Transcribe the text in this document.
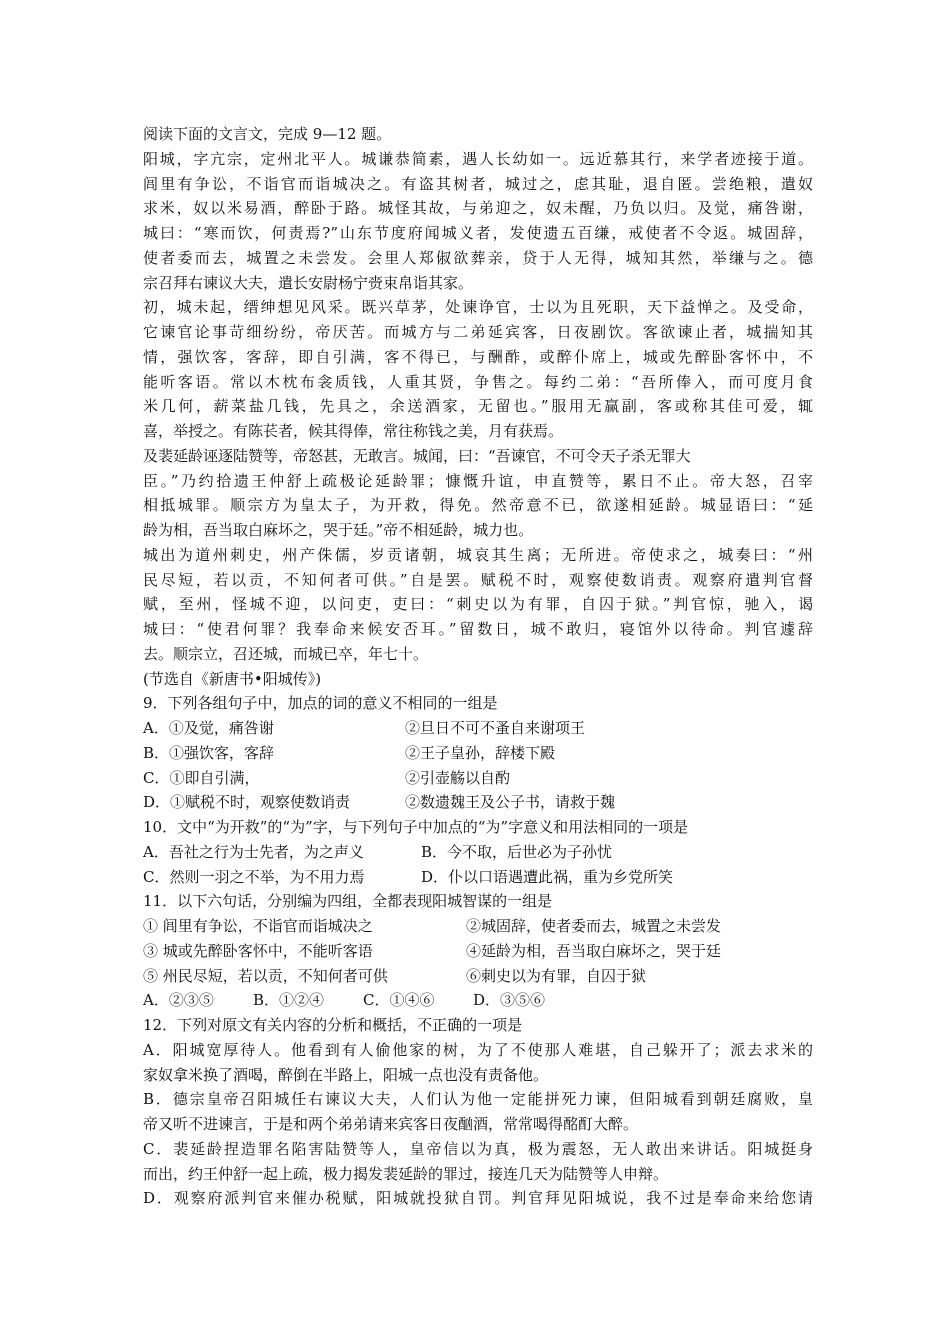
阅读下面的文言文，完成 9—12 题。
阳城，字亢宗，定州北平人。城谦恭简素，遇人长幼如一。远近慕其行，来学者迹接于道。
闾里有争讼，不诣官而诣城决之。有盗其树者，城过之，虑其耻，退自匿。尝绝粮，遣奴
求米，奴以米易酒，醉卧于路。城怪其故，与弟迎之，奴未醒，乃负以归。及觉，痛咎谢，
城曰：“寒而饮，何责焉?”山东节度府闻城义者，发使遗五百缣，戒使者不令返。城固辞，
使者委而去，城置之未尝发。会里人郑俶欲葬亲，贷于人无得，城知其然，举缣与之。德
宗召拜右谏议大夫，遣长安尉杨宁赍束帛诣其家。
初，城未起，缙绅想见风采。既兴草茅，处谏诤官，士以为且死职，天下益惮之。及受命，
它谏官论事苛细纷纷，帝厌苦。而城方与二弟延宾客，日夜剧饮。客欲谏止者，城揣知其
情，强饮客，客辞，即自引满，客不得已，与酬酢，或醉仆席上，城或先醉卧客怀中，不
能听客语。常以木枕布衾质钱，人重其贤，争售之。每约二弟：“吾所俸入，而可度月食
米几何，薪菜盐几钱，先具之，余送酒家，无留也。”服用无赢副，客或称其佳可爱，辄
喜，举授之。有陈苌者，候其得俸，常往称钱之美，月有获焉。
及裴延龄诬逐陆赞等，帝怒甚，无敢言。城闻，曰：“吾谏官，不可令天子杀无罪大
臣。”乃约拾遗王仲舒上疏极论延龄罪；慷慨升谊，申直赞等，累日不止。帝大怒，召宰
相抵城罪。顺宗方为皇太子，为开救，得免。然帝意不已，欲遂相延龄。城显语曰：“延
龄为相，吾当取白麻坏之，哭于廷。”帝不相延龄，城力也。
城出为道州刺史，州产侏儒，岁贡诸朝，城哀其生离；无所进。帝使求之，城奏曰：“州
民尽短，若以贡，不知何者可供。”自是罢。赋税不时，观察使数诮责。观察府遣判官督
赋，至州，怪城不迎，以问吏，吏曰：“刺史以为有罪，自囚于狱。”判官惊，驰入，谒
城曰：“使君何罪？我奉命来候安否耳。”留数日，城不敢归，寝馆外以待命。判官遽辞
去。顺宗立，召还城，而城已卒，年七十。
(节选自《新唐书•阳城传》)
9．下列各组句子中，加点的词的意义不相同的一组是
A．①及觉，痛咎谢	②旦日不可不蚤自来谢项王
B．①强饮客，客辞	②王子皇孙，辞楼下殿
C．①即自引满，	②引壶觞以自酌
D．①赋税不时，观察使数诮责	②数遗魏王及公子书，请救于魏
10．文中“为开救”的“为”字，与下列句子中加点的“为”字意义和用法相同的一项是
A．吾社之行为士先者，为之声义	B．今不取，后世必为子孙忧
C．然则一羽之不举，为不用力焉	D．仆以口语遇遭此祸，重为乡党所笑
11．以下六句话，分别编为四组，全都表现阳城智谋的一组是
① 闾里有争讼，不诣官而诣城决之	②城固辞，使者委而去，城置之未尝发
③ 城或先醉卧客怀中，不能听客语	④延龄为相，吾当取白麻坏之，哭于廷
⑤ 州民尽短，若以贡，不知何者可供	⑥刺史以为有罪，自囚于狱
A．②③⑤	B．①②④	C．①④⑥	D．③⑤⑥
12．下列对原文有关内容的分析和概括，不正确的一项是
A．阳城宽厚待人。他看到有人偷他家的树，为了不使那人难堪，自己躲开了；派去求米的
家奴拿米换了酒喝，醉倒在半路上，阳城一点也没有责备他。
B．德宗皇帝召阳城任右谏议大夫，人们认为他一定能拼死力谏，但阳城看到朝廷腐败，皇
帝又听不进谏言，于是和两个弟弟请来宾客日夜酗酒，常常喝得酩酊大醉。
C．裴延龄捏造罪名陷害陆赞等人，皇帝信以为真，极为震怒，无人敢出来讲话。阳城挺身
而出，约王仲舒一起上疏，极力揭发裴延龄的罪过，接连几天为陆赞等人申辩。
D．观察府派判官来催办税赋，阳城就投狱自罚。判官拜见阳城说，我不过是奉命来给您请
